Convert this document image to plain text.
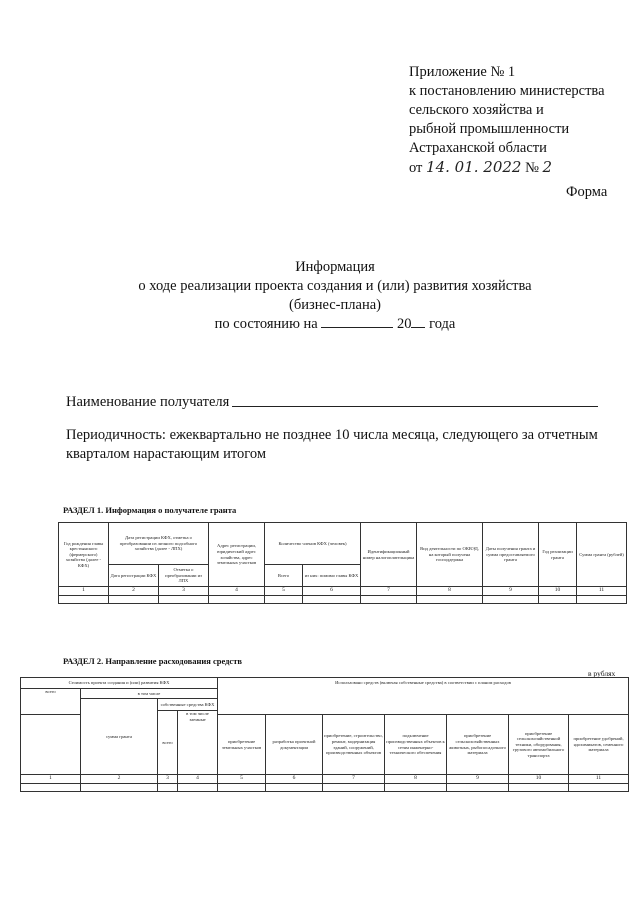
Приложение № 1
к постановлению министерства
сельского хозяйства и
рыбной промышленности
Астраханской области
от 14. 01. 2022 № 2
Форма
Информация
о ходе реализации проекта создания и (или) развития хозяйства
(бизнес-плана)
по состоянию на	20 года
Наименование получателя
Периодичность: ежеквартально не позднее 10 числа месяца, следующего за отчетным
кварталом нарастающим итогом
РАЗДЕЛ 1. Информация о получателе гранта
Год рождения главы крестьянского (фермерского) хозяйства (далее - КФХ)	Дата регистрации КФХ, отметка о преобразовании из личного подсобного хозяйства (далее - ЛПХ)		Адрес регистрации, юридический адрес хозяйства, адрес земельных участков	Количество членов КФХ (человек)		Идентификационный номер налогоплательщика	Вид деятельности по ОКВЭД, на который получена господдержка	Даты получения гранта и сумма предоставляемого гранта	Год реализации гранта	Сумма гранта (рублей)
	Дата регистрации КФХ	Отметка о преобразовании из ЛПХ		Всего	из них: помимо главы КФХ					
1	2	3	4	5	6	7	8	9	10	11

РАЗДЕЛ 2. Направление расходования средств
в рублях
Стоимость проекта создания и (или) развития КФХ				Использовано средств (включая собственные средства) в соответствии с планом расходов						
всего	в том числе									
	сумма гранта	собственные средства КФХ								
		всего	в том числе заемные							
				приобретение земельных участков	разработка проектной документации	приобретение, строительство, ремонт, модернизация зданий, сооружений, производственных объектов	подключение производственных объектов к сетям инженерно-технического обеспечения	приобретение сельскохозяйственных животных, рыбопосадочного материала	приобретение сельскохозяйственной техники, оборудования, грузового автомобильного транспорта	приобретение удобрений, ядохимикатов, семенного материала
1	2	3	4	5	6	7	8	9	10	11
